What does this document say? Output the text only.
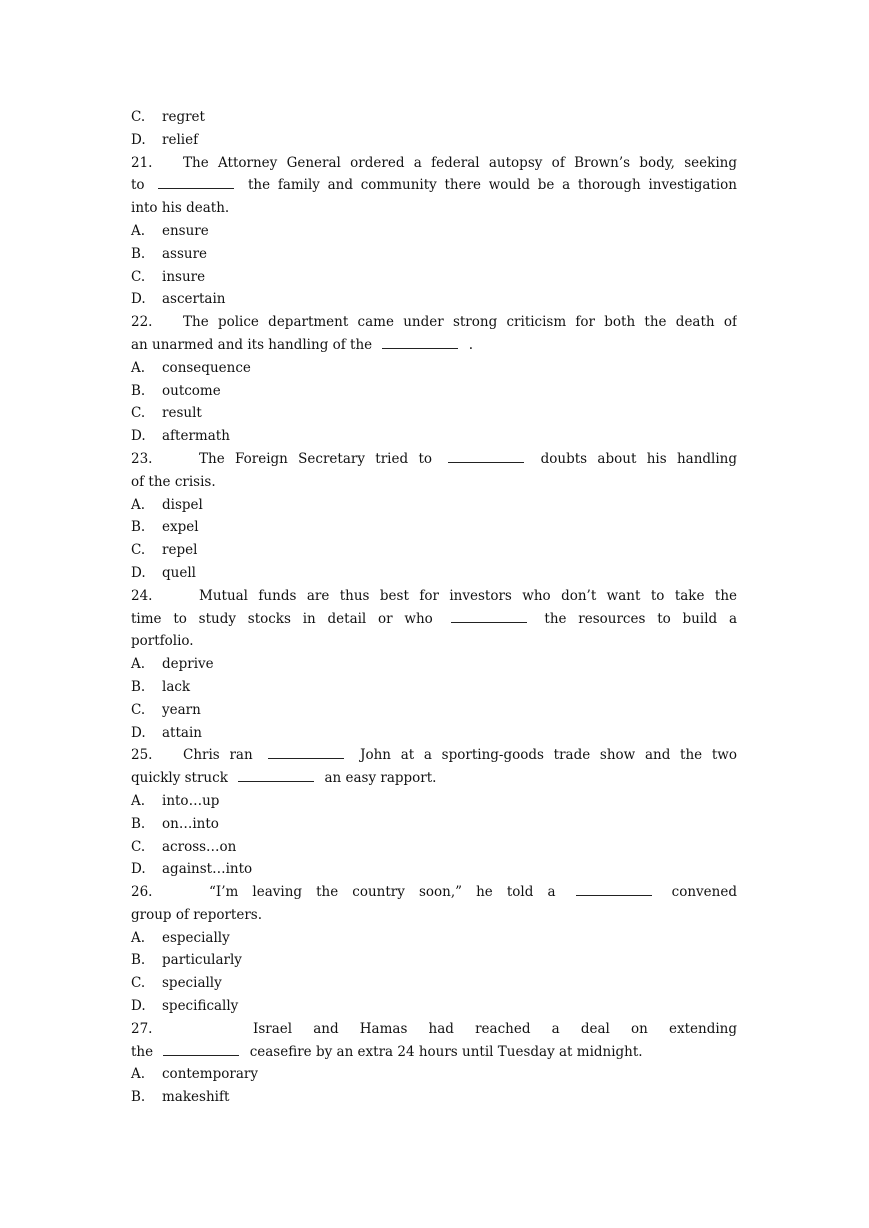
C. regret
D. relief
21. The Attorney General ordered a federal autopsy of Brown’s body, seeking
to	the family and community there would be a thorough investigation
into his death.
A. ensure
B. assure
C. insure
D. ascertain
22. The police department came under strong criticism for both the death of
an unarmed and its handling of the	.
A. consequence
B. outcome
C. result
D. aftermath
23.	The Foreign Secretary tried to	doubts about his handling
of the crisis.
A. dispel
B. expel
C. repel
D. quell
24.	Mutual funds are thus best for investors who don’t want to take the
time to study stocks in detail or who	the resources to build a
portfolio.
A. deprive
B. lack
C. yearn
D. attain
25. Chris ran	John at a sporting-goods trade show and the two
quickly struck	an easy rapport.
A. into…up
B. on…into
C. across…on
D. against…into
26.	“I’m leaving the country soon,” he told a	convened
group of reporters.
A. especially
B. particularly
C. specially
D. specifically
27.	Israel and Hamas had reached a deal on extending
the	ceasefire by an extra 24 hours until Tuesday at midnight.
A. contemporary
B. makeshift
